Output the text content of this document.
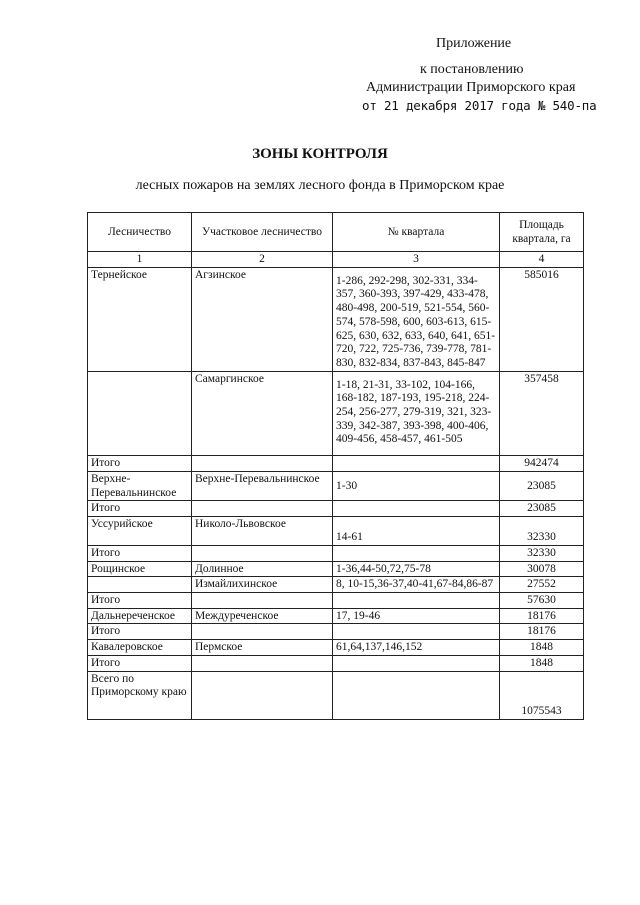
Приложение
к постановлению
Администрации Приморского края
от 21 декабря 2017 года № 540-па
ЗОНЫ КОНТРОЛЯ
лесных пожаров на землях лесного фонда в Приморском крае
Лесничество	Участковое лесничество	№ квартала	Площадь квартала, га
1	2	3	4
Тернейское	Агзинское	1-286, 292-298, 302-331, 334-357, 360-393, 397-429, 433-478, 480-498, 200-519, 521-554, 560-574, 578-598, 600, 603-613, 615-625, 630, 632, 633, 640, 641, 651-720, 722, 725-736, 739-778, 781-830, 832-834, 837-843, 845-847	585016
	Самаргинское	1-18, 21-31, 33-102, 104-166, 168-182, 187-193, 195-218, 224-254, 256-277, 279-319, 321, 323-339, 342-387, 393-398, 400-406, 409-456, 458-457, 461-505	357458
Итого			942474
Верхне-Перевальнинское	Верхне-Перевальнинское	1-30	23085
Итого			23085
Уссурийское	Николо-Львовское	14-61	32330
Итого			32330
Рощинское	Долинное	1-36,44-50,72,75-78	30078
	Измайлихинское	8, 10-15,36-37,40-41,67-84,86-87	27552
Итого			57630
Дальнереченское	Междуреченское	17, 19-46	18176
Итого			18176
Кавалеровское	Пермское	61,64,137,146,152	1848
Итого			1848
Всего по Приморскому краю			1075543
